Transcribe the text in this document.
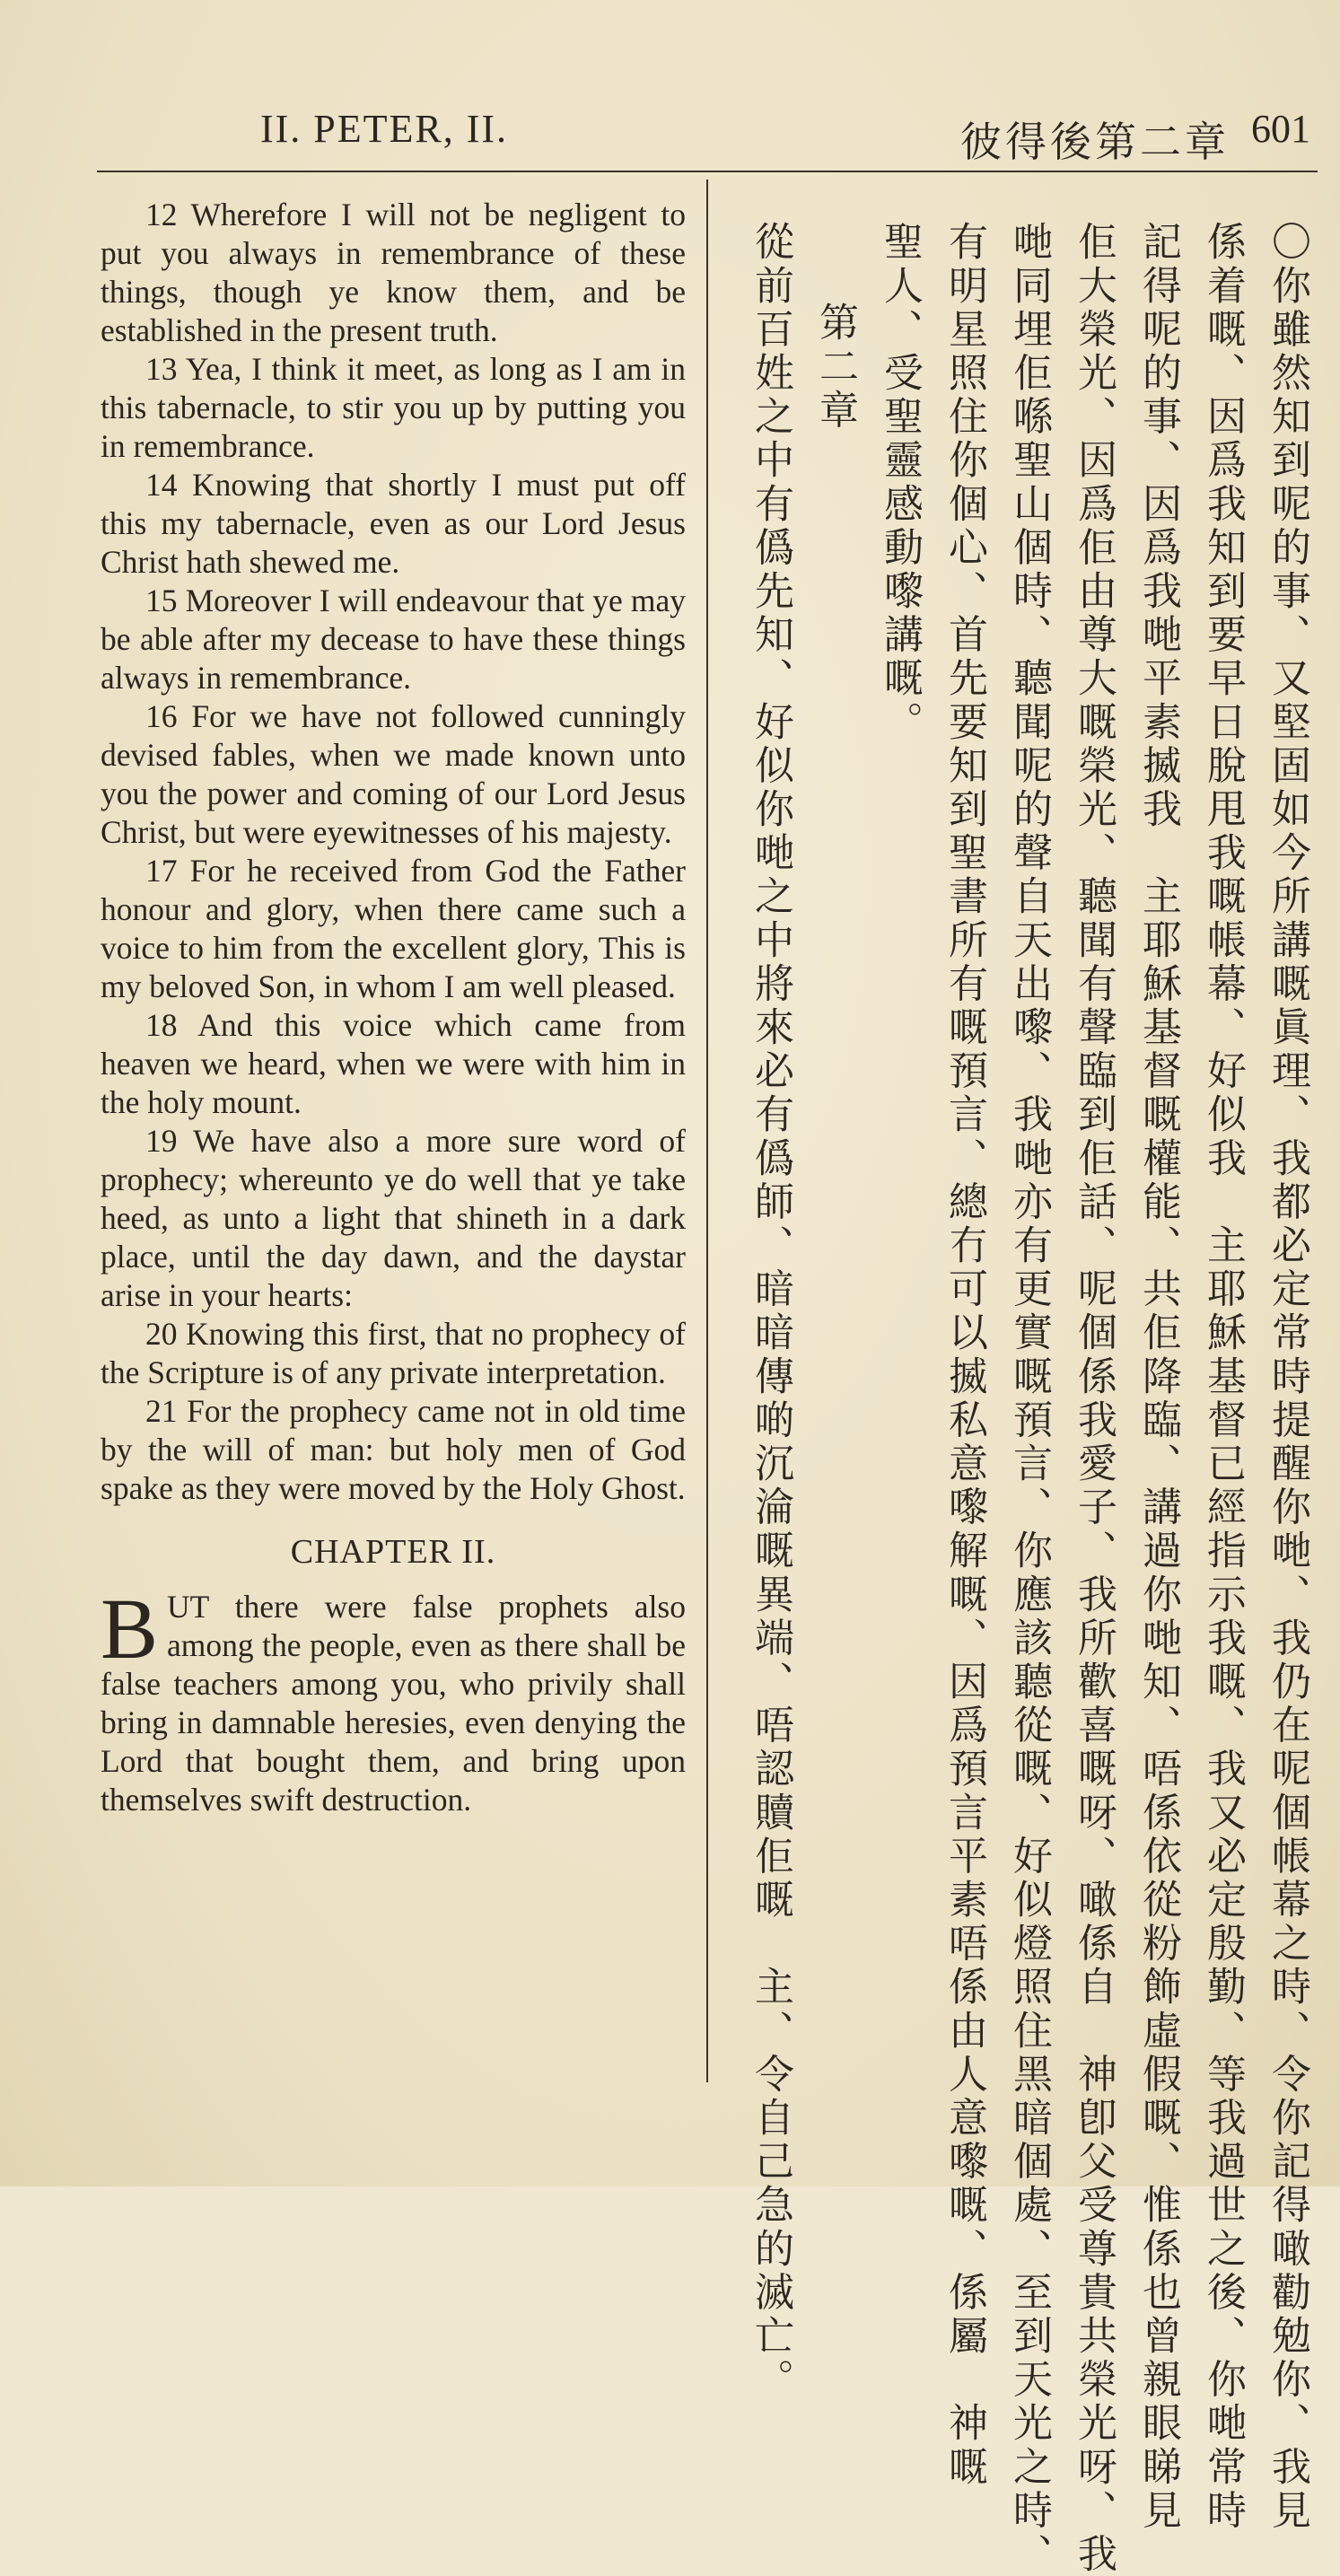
II. PETER, II.	彼得後第二章 601

12 Wherefore I will not be negligent to put you always in remembrance of these things, though ye know them, and be established in the present truth.

13 Yea, I think it meet, as long as I am in this tabernacle, to stir you up by putting you in remembrance.

14 Knowing that shortly I must put off this my tabernacle, even as our Lord Jesus Christ hath shewed me.

15 Moreover I will endeavour that ye may be able after my decease to have these things always in remembrance.

16 For we have not followed cunningly devised fables, when we made known unto you the power and coming of our Lord Jesus Christ, but were eyewitnesses of his majesty.

17 For he received from God the Father honour and glory, when there came such a voice to him from the excellent glory, This is my beloved Son, in whom I am well pleased.

18 And this voice which came from heaven we heard, when we were with him in the holy mount.

19 We have also a more sure word of prophecy; whereunto ye do well that ye take heed, as unto a light that shineth in a dark place, until the day dawn, and the daystar arise in your hearts:

20 Knowing this first, that no prophecy of the Scripture is of any private interpretation.

21 For the prophecy came not in old time by the will of man: but holy men of God spake as they were moved by the Holy Ghost.

CHAPTER II.

B UT there were false prophets also among the people, even as there shall be false teachers among you, who privily shall bring in damnable heresies, even denying the Lord that bought them, and bring upon themselves swift destruction.	〇你雖然知到呢的事、又堅固如今所講嘅眞理、我都必定常時提醒你哋、我仍在呢個帳幕之時、令你記得噉勸勉你、我見
係着嘅、因爲我知到要早日脫甩我嘅帳幕、好似我　主耶穌基督已經指示我嘅、我又必定殷勤、等我過世之後、你哋常時
記得呢的事、因爲我哋平素揻我　主耶穌基督嘅權能、共佢降臨、講過你哋知、唔係依從粉飾虛假嘅、惟係也曾親眼睇見
佢大榮光、因爲佢由尊大嘅榮光、聽聞有聲臨到佢話、呢個係我愛子、我所歡喜嘅呀、噉係自　神卽父受尊貴共榮光呀、我
哋同埋佢喺聖山個時、聽聞呢的聲自天出嚟、我哋亦有更實嘅預言、你應該聽從嘅、好似燈照住黑暗個處、至到天光之時、
有明星照住你個心、首先要知到聖書所有嘅預言、總冇可以揻私意嚟解嘅、因爲預言平素唔係由人意嚟嘅、係屬　神嘅
聖人、受聖靈感動嚟講嘅。
第二章
從前百姓之中有僞先知、好似你哋之中將來必有僞師、暗暗傳啲沉淪嘅異端、唔認贖佢嘅　主、令自己急的滅亡。
